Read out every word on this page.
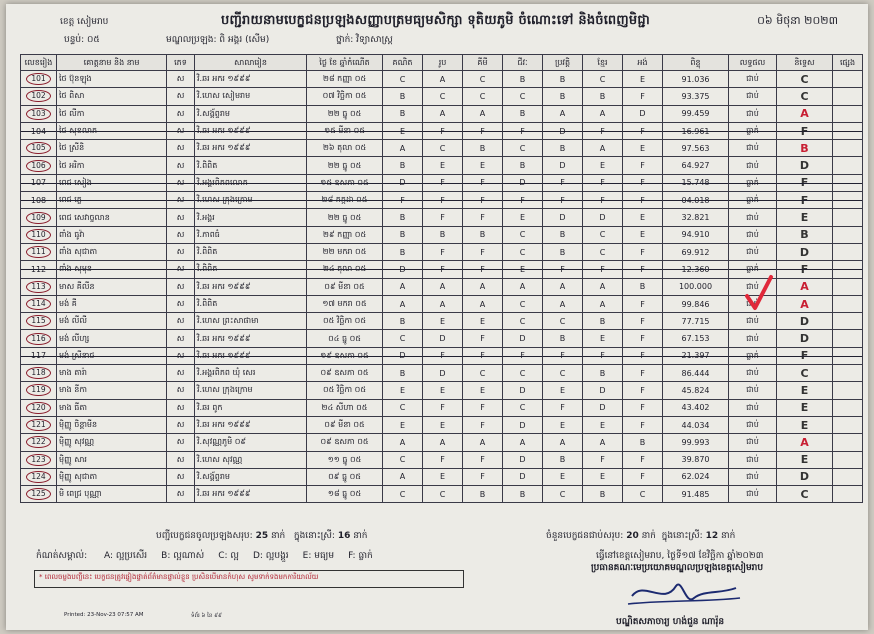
ខេត្ត សៀមរាប	បញ្ជីរាយនាមបេក្ខជនប្រឡងសញ្ញាបត្រមធ្យមសិក្សា ទុតិយភូមិ ចំណោះទៅ និងចំពេញមិជ្ជា	០៦ មិថុនា ២០២៣
បន្ទប់: ០៥	មណ្ឌលប្រឡង: ពិ អង្គរ (សើម)	ថ្នាក់: វិទ្យាសាស្ត្រ
លេខរៀង	គោត្តនាម និង នាម	ភេទ	សាលារៀន	ថ្ងៃ ខែ ឆ្នាំកំណើត	គណិត	រូប	គីមី	ជីវៈ	ប្រវត្តិ	ខ្មែរ	អង់	ពិន្ទុ	លទ្ធផល	និទ្ទេស	ផ្សេង
101	ថៃ ប៊ុនឡុង	ស	វិ.ឆរ អករ ១៩៩៩	២៨ កញ្ញា ០៥	C	A	C	B	B	C	E	91.036	ជាប់	C	
102	ថៃ ពិសា	ស	វិ.ហេស សៀមរាម	០៧ វិច្ឆិកា ០៥	B	C	C	C	B	B	F	93.375	ជាប់	C	
103	ថៃ លីកា	ស	វិ.សង្គ័ព្ទរាម	២២ ធ្នូ ០៥	B	A	A	B	A	A	D	99.459	ជាប់	A	
104	ថៃ សុខលាភ	ស	វិ.ឆរ អករ ១៩៩៩	១៥ មីនា ០៥	E	F	F	F	D	F	F	16.961	ធ្លាក់	F	
105	ថៃ ស្រីនិ	ស	វិ.ឆរ អករ ១៩៩៩	២៦ តុលា ០៥	A	C	B	C	B	A	E	97.563	ជាប់	B	
106	ថៃ អរិកា	ស	វិ.ពិពិត	២២ ធ្នូ ០៥	B	E	E	B	D	E	F	64.927	ជាប់	D	
107	ពេជ សៀង	ស	វិ.អង្គរពិភពលោក	១៥ ឧសភា ០៥	D	F	F	D	F	F	F	15.748	ធ្លាក់	F	
108	ពេជ ភ្លេ	ស	វិ.ហេស ក្រុងក្រោម	២៨ កក្កដា ០៥	F	F	F	F	F	F	F	04.018	ធ្លាក់	F	
109	ពេជ សេវាច្ចលាន	ស	វិ.អង្គរ	២២ ធ្នូ ០៥	B	F	F	E	D	D	E	32.821	ជាប់	E	
110	ពាំង ធូវ៉ា	ស	វិ.ភាពធំ	២៩ កញ្ញា ០៥	B	B	B	C	B	C	E	94.910	ជាប់	B	
111	ពាំង សុជាតា	ស	វិ.ពិពិត	២២ មករា ០៥	B	F	F	C	B	C	F	69.912	ជាប់	D	
112	ពាំង សុមុន	ស	វិ.ពិពិត	២៤ តុលា ០៥	D	F	F	E	F	F	F	12.360	ធ្លាក់	F	
113	មាស គីលីន	ស	វិ.ឆរ អករ ១៩៩៩	០៩ មីនា ០៥	A	A	A	A	A	A	B	100.000	ជាប់	A	
114	មង់ គី	ស	វិ.ពិពិត	១៧ មករា ០៥	A	A	A	C	A	A	F	99.846	ជាប់	A	
115	មង់ លីលី	ស	វិ.ហេស ព្រះសាផាមា	០៥ វិច្ឆិកា ០៥	B	E	E	C	C	B	F	77.715	ជាប់	D	
116	មង់ លីហ្ស	ស	វិ.ឆរ អករ ១៩៩៩	០៤ ធ្នូ ០៥	C	D	F	D	B	E	F	67.153	ជាប់	D	
117	មង់ ស្រីនាថ	ស	វិ.ឆរ អករ ១៩៩៩	១៩ ឧសភា ០៥	D	F	F	F	F	F	F	21.397	ធ្លាក់	F	
118	មាង តារ៉ា	ស	វិ.អង្គរពិភព ឃុំ សេរ	០៩ ឧសភា ០៥	B	D	C	C	C	B	F	86.444	ជាប់	C	
119	មាង នីកា	ស	វិ.ហេស ក្រុងក្រោម	០៥ វិច្ឆិកា ០៥	E	E	E	D	E	D	F	45.824	ជាប់	E	
120	មាង ធីតា	ស	វិ.ឆរ ពូក	២៤ សីហា ០៥	C	F	F	C	F	D	F	43.402	ជាប់	E	
121	ម៉ិញ្ញូ ចិន្តាមីន	ស	វិ.ឆរ អករ ១៩៩៩	០៩ មីនា ០៥	E	E	F	D	E	E	F	44.034	ជាប់	E	
122	ម៉ិញ្ញូ សុវណ្ណ	ស	វិ.សុវណ្ណភូមិ ០៩	០៩ ឧសភា ០៥	A	A	A	A	A	A	B	99.993	ជាប់	A	
123	ម៉ិញ្ញូ សារ	ស	វិ.ហេស សុវណ្ណ	១១ ធ្នូ ០៥	C	F	F	D	B	F	F	39.870	ជាប់	E	
124	ម៉ិញ្ញូ សុជាតា	ស	វិ.សង្គ័ព្ទរាម	០៩ ធ្នូ ០៥	A	E	F	D	E	E	F	62.024	ជាប់	D	
125	មិ ពេជ្រ បុណ្ណា	ស	វិ.ឆរ អករ ១៩៩៩	១៨ ធ្នូ ០៥	C	C	B	B	C	B	C	91.485	ជាប់	C	
បញ្ជីបេក្ខជនចូលប្រឡងសរុប: 25 នាក់ ក្នុងនោះស្រី: 16 នាក់	ចំនួនបេក្ខជនជាប់សរុប: 20 នាក់ ក្នុងនោះស្រី: 12 នាក់
កំណត់សម្គាល់: A: ល្អប្រសើរ B: ល្អណាស់ C: ល្អ D: ល្អបង្គួរ E: មធ្យម F: ធ្លាក់
* ពេលចម្លងបញ្ជីនេះ បេក្ខជនត្រូវផ្ទៀងផ្ទាត់ព័ត៌មានផ្ទាល់ខ្លួន ប្រសិនបើមានកំហុស សូមទាក់ទងមកការិយាល័យ
ធ្វើនៅខេត្តសៀមរាប, ថ្ងៃទី១៧ ខែវិច្ឆិកា ឆ្នាំ២០២៣
ប្រធានគណៈមេប្រយោគមណ្ឌលប្រឡងខេត្តសៀមរាប
បណ្ឌិតសភាចារ្យ ហង់ជួន ណារ៉ុន
Printed: 23-Nov-23 07:57 AM	ទំព័រ ៦ នៃ ៩៩
